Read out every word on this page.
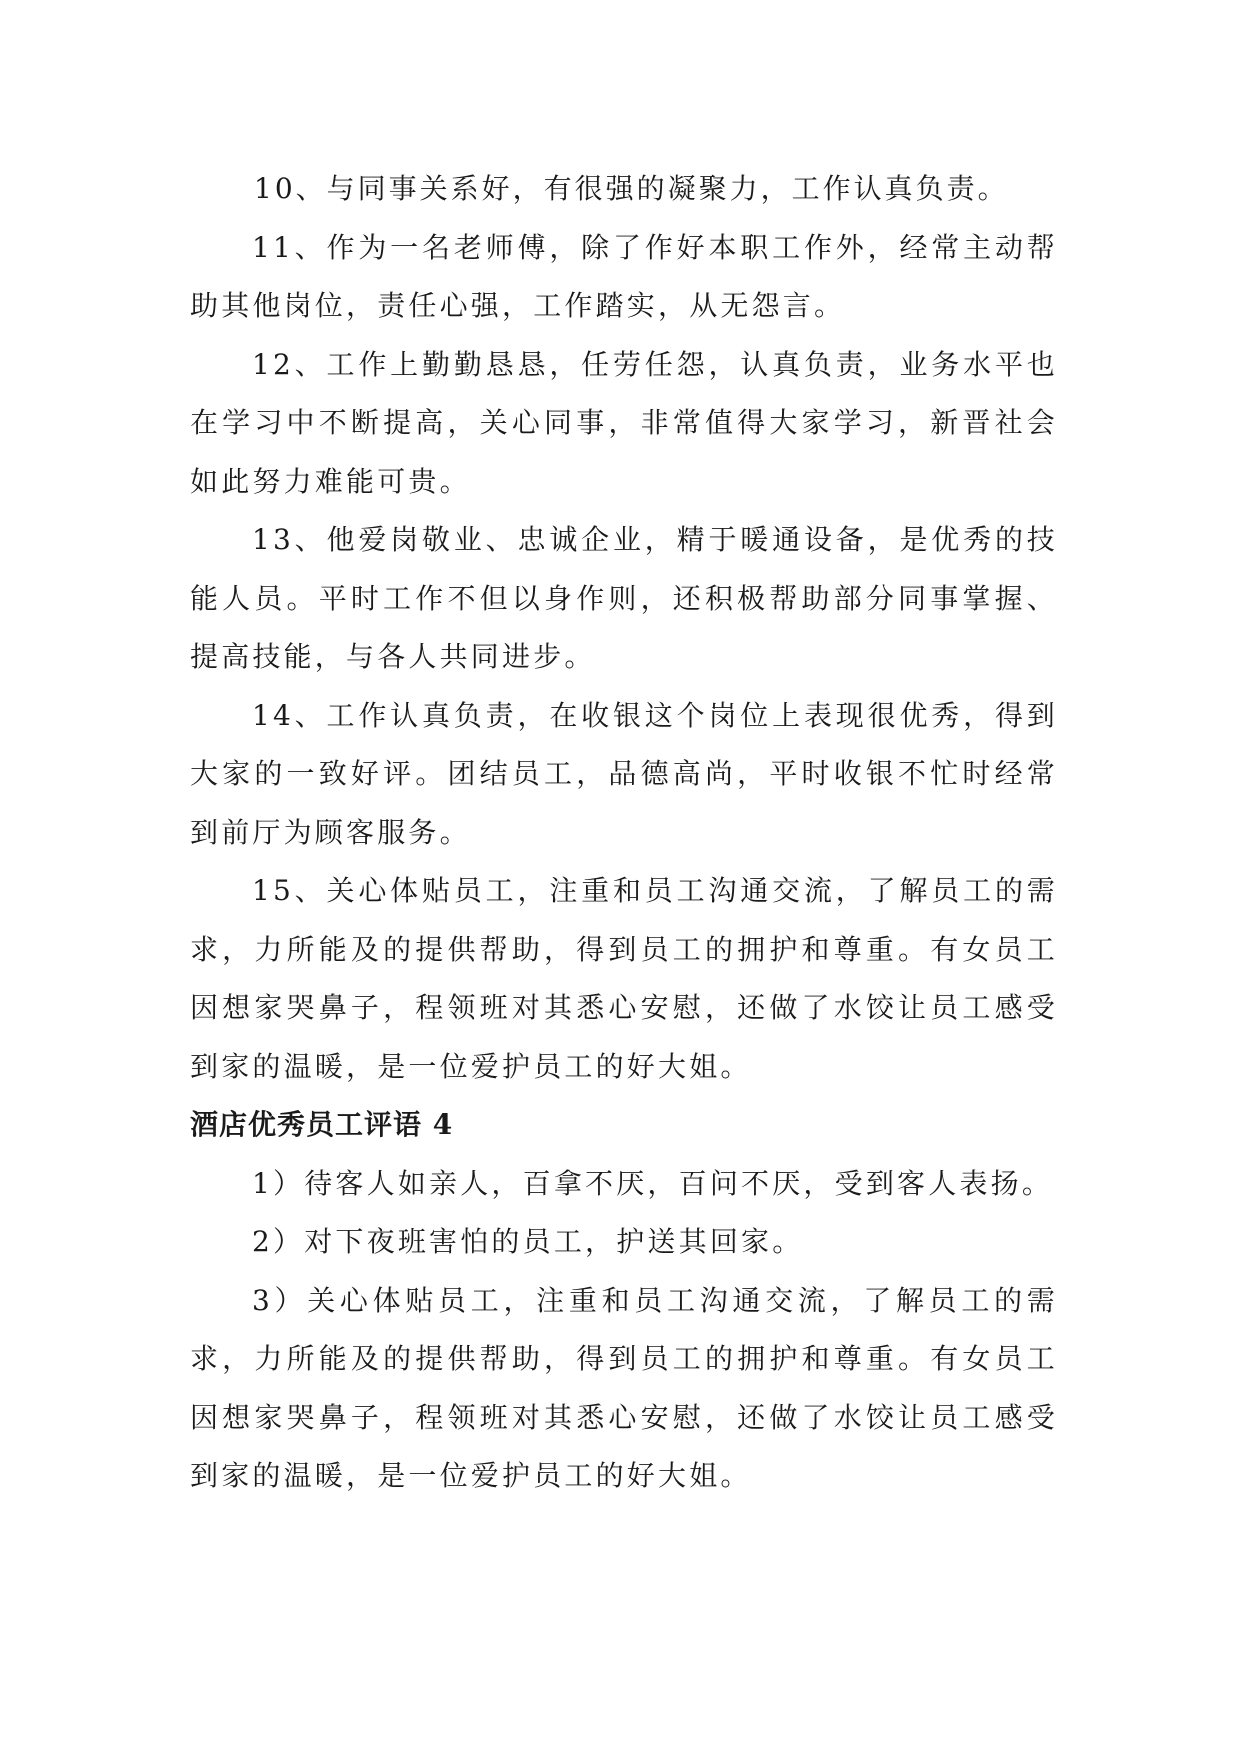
10、与同事关系好，有很强的凝聚力，工作认真负责。

11、作为一名老师傅，除了作好本职工作外，经常主动帮助其他岗位，责任心强，工作踏实，从无怨言。

12、工作上勤勤恳恳，任劳任怨，认真负责，业务水平也在学习中不断提高，关心同事，非常值得大家学习，新晋社会如此努力难能可贵。

13、他爱岗敬业、忠诚企业，精于暖通设备，是优秀的技能人员。平时工作不但以身作则，还积极帮助部分同事掌握、提高技能，与各人共同进步。

14、工作认真负责，在收银这个岗位上表现很优秀，得到大家的一致好评。团结员工，品德高尚，平时收银不忙时经常到前厅为顾客服务。

15、关心体贴员工，注重和员工沟通交流，了解员工的需求，力所能及的提供帮助，得到员工的拥护和尊重。有女员工因想家哭鼻子，程领班对其悉心安慰，还做了水饺让员工感受到家的温暖，是一位爱护员工的好大姐。

酒店优秀员工评语 4

1）待客人如亲人，百拿不厌，百问不厌，受到客人表扬。

2）对下夜班害怕的员工，护送其回家。

3）关心体贴员工，注重和员工沟通交流，了解员工的需求，力所能及的提供帮助，得到员工的拥护和尊重。有女员工因想家哭鼻子，程领班对其悉心安慰，还做了水饺让员工感受到家的温暖，是一位爱护员工的好大姐。
